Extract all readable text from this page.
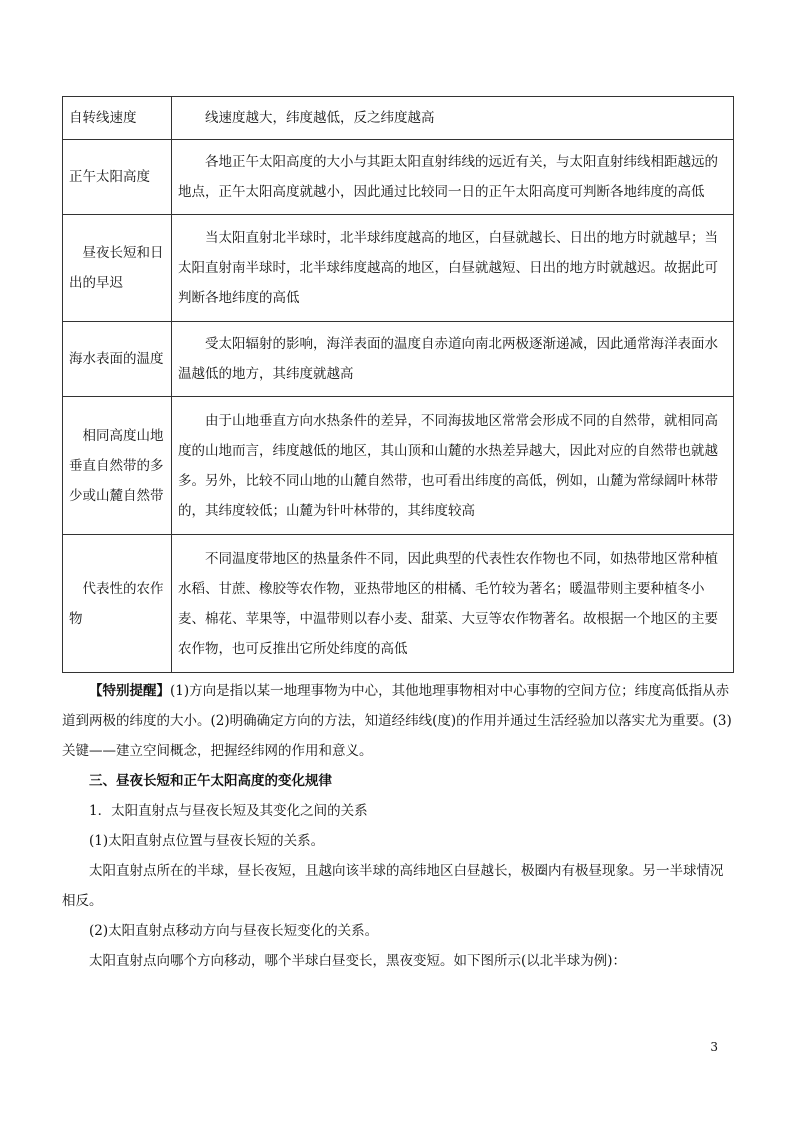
自转线速度	线速度越大，纬度越低，反之纬度越高
正午太阳高度	各地正午太阳高度的大小与其距太阳直射纬线的远近有关，与太阳直射纬线相距越远的地点，正午太阳高度就越小，因此通过比较同一日的正午太阳高度可判断各地纬度的高低
昼夜长短和日出的早迟	当太阳直射北半球时，北半球纬度越高的地区，白昼就越长、日出的地方时就越早；当太阳直射南半球时，北半球纬度越高的地区，白昼就越短、日出的地方时就越迟。故据此可判断各地纬度的高低
海水表面的温度	受太阳辐射的影响，海洋表面的温度自赤道向南北两极逐渐递减，因此通常海洋表面水温越低的地方，其纬度就越高
相同高度山地垂直自然带的多少或山麓自然带	由于山地垂直方向水热条件的差异，不同海拔地区常常会形成不同的自然带，就相同高度的山地而言，纬度越低的地区，其山顶和山麓的水热差异越大，因此对应的自然带也就越多。另外，比较不同山地的山麓自然带，也可看出纬度的高低，例如，山麓为常绿阔叶林带的，其纬度较低；山麓为针叶林带的，其纬度较高
代表性的农作物	不同温度带地区的热量条件不同，因此典型的代表性农作物也不同，如热带地区常种植水稻、甘蔗、橡胶等农作物，亚热带地区的柑橘、毛竹较为著名；暖温带则主要种植冬小麦、棉花、苹果等，中温带则以春小麦、甜菜、大豆等农作物著名。故根据一个地区的主要农作物，也可反推出它所处纬度的高低

【特别提醒】(1)方向是指以某一地理事物为中心，其他地理事物相对中心事物的空间方位；纬度高低指从赤道到两极的纬度的大小。(2)明确确定方向的方法，知道经纬线(度)的作用并通过生活经验加以落实尤为重要。(3)关键——建立空间概念，把握经纬网的作用和意义。

三、昼夜长短和正午太阳高度的变化规律

1．太阳直射点与昼夜长短及其变化之间的关系

(1)太阳直射点位置与昼夜长短的关系。

太阳直射点所在的半球，昼长夜短，且越向该半球的高纬地区白昼越长，极圈内有极昼现象。另一半球情况相反。

(2)太阳直射点移动方向与昼夜长短变化的关系。

太阳直射点向哪个方向移动，哪个半球白昼变长，黑夜变短。如下图所示(以北半球为例)：

3
